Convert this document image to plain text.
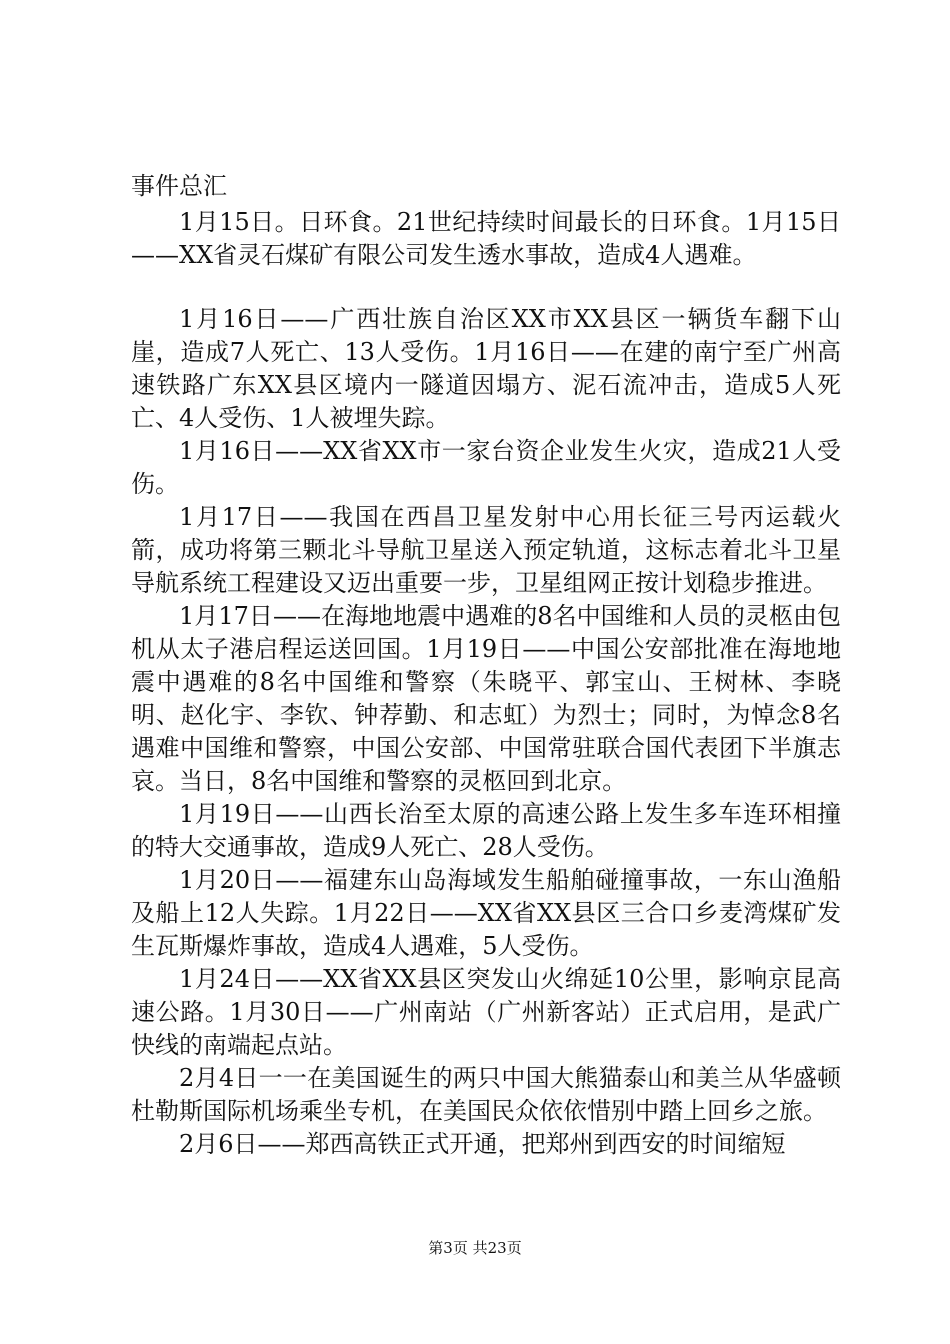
事件总汇

1月15日。日环食。21世纪持续时间最长的日环食。1月15日——XX省灵石煤矿有限公司发生透水事故，造成4人遇难。

1月16日——广西壮族自治区XX市XX县区一辆货车翻下山崖，造成7人死亡、13人受伤。1月16日——在建的南宁至广州高速铁路广东XX县区境内一隧道因塌方、泥石流冲击，造成5人死亡、4人受伤、1人被埋失踪。

1月16日——XX省XX市一家台资企业发生火灾，造成21人受伤。

1月17日——我国在西昌卫星发射中心用长征三号丙运载火箭，成功将第三颗北斗导航卫星送入预定轨道，这标志着北斗卫星导航系统工程建设又迈出重要一步，卫星组网正按计划稳步推进。

1月17日——在海地地震中遇难的8名中国维和人员的灵柩由包机从太子港启程运送回国。1月19日——中国公安部批准在海地地震中遇难的8名中国维和警察（朱晓平、郭宝山、王树林、李晓明、赵化宇、李钦、钟荐勤、和志虹）为烈士；同时，为悼念8名遇难中国维和警察，中国公安部、中国常驻联合国代表团下半旗志哀。当日，8名中国维和警察的灵柩回到北京。

1月19日——山西长治至太原的高速公路上发生多车连环相撞的特大交通事故，造成9人死亡、28人受伤。

1月20日——福建东山岛海域发生船舶碰撞事故，一东山渔船及船上12人失踪。1月22日——XX省XX县区三合口乡麦湾煤矿发生瓦斯爆炸事故，造成4人遇难，5人受伤。

1月24日——XX省XX县区突发山火绵延10公里，影响京昆高速公路。1月30日——广州南站（广州新客站）正式启用，是武广快线的南端起点站。

2月4日一一在美国诞生的两只中国大熊猫泰山和美兰从华盛顿杜勒斯国际机场乘坐专机，在美国民众依依惜别中踏上回乡之旅。

2月6日——郑西高铁正式开通，把郑州到西安的时间缩短

第3页 共23页
